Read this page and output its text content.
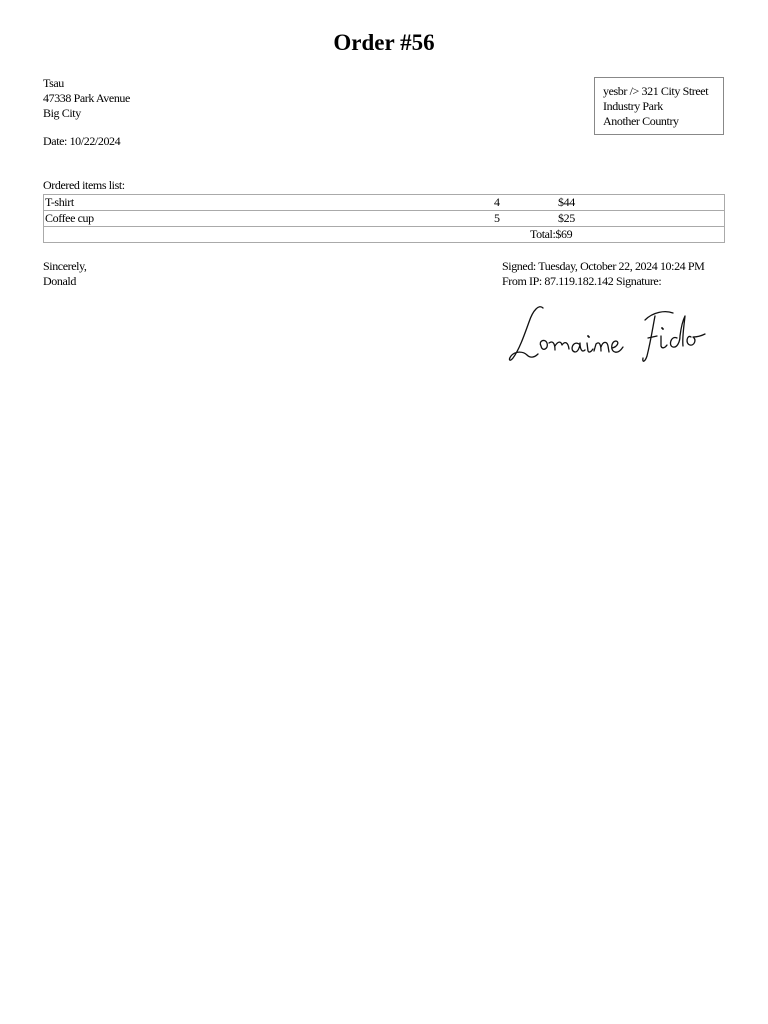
Order #56
Tsau
47338 Park Avenue
Big City
Date: 10/22/2024
yesbr /> 321 City Street
Industry Park
Another Country
Ordered items list:
T-shirt	4	$44

Coffee cup	5	$25

Total:$69
Sincerely,
Donald
Signed: Tuesday, October 22, 2024 10:24 PM
From IP: 87.119.182.142 Signature:
